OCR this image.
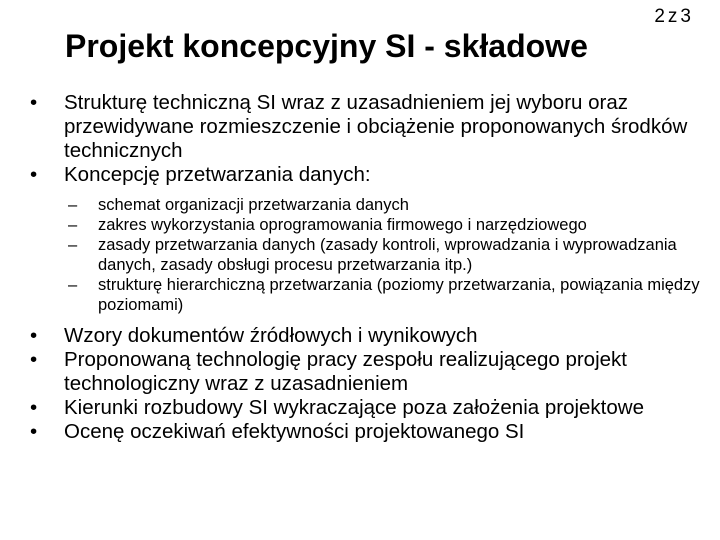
2z3
Projekt koncepcyjny SI - składowe
•	Strukturę techniczną SI wraz z uzasadnieniem jej wyboru oraz przewidywane rozmieszczenie i obciążenie proponowanych środków technicznych
•	Koncepcję przetwarzania danych:
– schemat organizacji przetwarzania danych
– zakres wykorzystania oprogramowania firmowego i narzędziowego
– zasady przetwarzania danych (zasady kontroli, wprowadzania i wyprowadzania danych, zasady obsługi procesu przetwarzania itp.)
– strukturę hierarchiczną przetwarzania (poziomy przetwarzania, powiązania między poziomami)
•	Wzory dokumentów źródłowych i wynikowych
•	Proponowaną technologię pracy zespołu realizującego projekt technologiczny wraz z uzasadnieniem
•	Kierunki rozbudowy SI wykraczające poza założenia projektowe
•	Ocenę oczekiwań efektywności projektowanego SI
